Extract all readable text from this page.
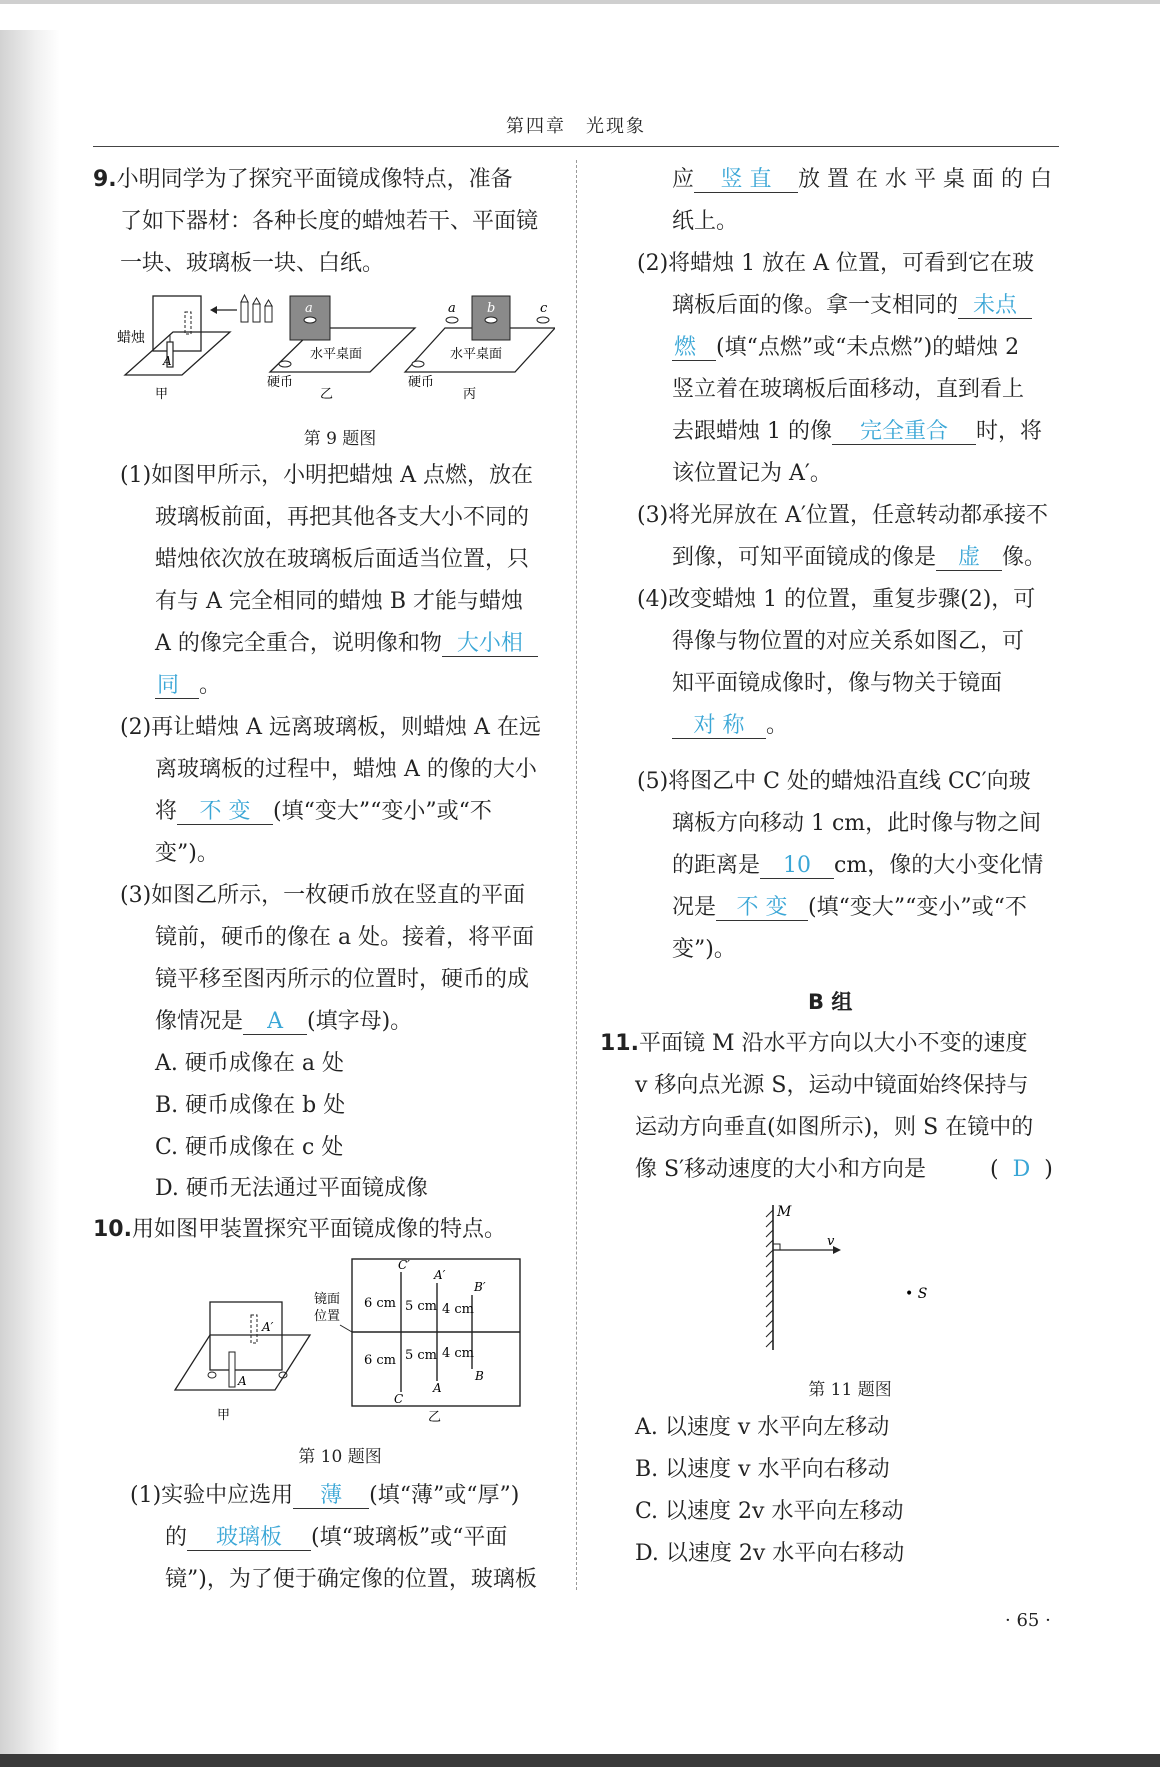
第四章　光现象
9.小明同学为了探究平面镜成像特点，准备
了如下器材：各种长度的蜡烛若干、平面镜
一块、玻璃板一块、白纸。
蜡烛
A
甲
a
水平桌面
硬币
乙
a b	c
水平桌面
硬币
丙
第 9 题图
(1)如图甲所示，小明把蜡烛 A 点燃，放在
玻璃板前面，再把其他各支大小不同的
蜡烛依次放在玻璃板后面适当位置，只
有与 A 完全相同的蜡烛 B 才能与蜡烛
A 的像完全重合，说明像和物 大小相
同 。
(2)再让蜡烛 A 远离玻璃板，则蜡烛 A 在远
离玻璃板的过程中，蜡烛 A 的像的大小
将 不 变 (填“变大”“变小”或“不
变”)。
(3)如图乙所示，一枚硬币放在竖直的平面
镜前，硬币的像在 a 处。接着，将平面
镜平移至图丙所示的位置时，硬币的成
像情况是 A (填字母)。
A. 硬币成像在 a 处
B. 硬币成像在 b 处
C. 硬币成像在 c 处
D. 硬币无法通过平面镜成像
10.用如图甲装置探究平面镜成像的特点。
A
A′
甲
镜面
位置
C′
A′
B′
C
A
B
6 cm 5 cm 4 cm
6 cm 5 cm 4 cm
乙
第 10 题图
(1)实验中应选用 薄 (填“薄”或“厚”)
的 玻璃板 (填“玻璃板”或“平面
镜”)，为了便于确定像的位置，玻璃板
应 竖 直 放 置 在 水 平 桌 面 的 白
纸上。
(2)将蜡烛 1 放在 A 位置，可看到它在玻
璃板后面的像。拿一支相同的 未点
燃 (填“点燃”或“未点燃”)的蜡烛 2
竖立着在玻璃板后面移动，直到看上
去跟蜡烛 1 的像 完全重合 时，将
该位置记为 A′。
(3)将光屏放在 A′位置，任意转动都承接不
到像，可知平面镜成的像是 虚 像。
(4)改变蜡烛 1 的位置，重复步骤(2)，可
得像与物位置的对应关系如图乙，可
知平面镜成像时，像与物关于镜面
对 称 。
(5)将图乙中 C 处的蜡烛沿直线 CC′向玻
璃板方向移动 1 cm，此时像与物之间
的距离是 10 cm，像的大小变化情
况是 不 变 (填“变大”“变小”或“不
变”)。
B 组
11.平面镜 M 沿水平方向以大小不变的速度
v 移向点光源 S，运动中镜面始终保持与
运动方向垂直(如图所示)，则 S 在镜中的
像 S′移动速度的大小和方向是	(  D  )
M
v
• S
第 11 题图
A. 以速度 v 水平向左移动
B. 以速度 v 水平向右移动
C. 以速度 2v 水平向左移动
D. 以速度 2v 水平向右移动
· 65 ·
